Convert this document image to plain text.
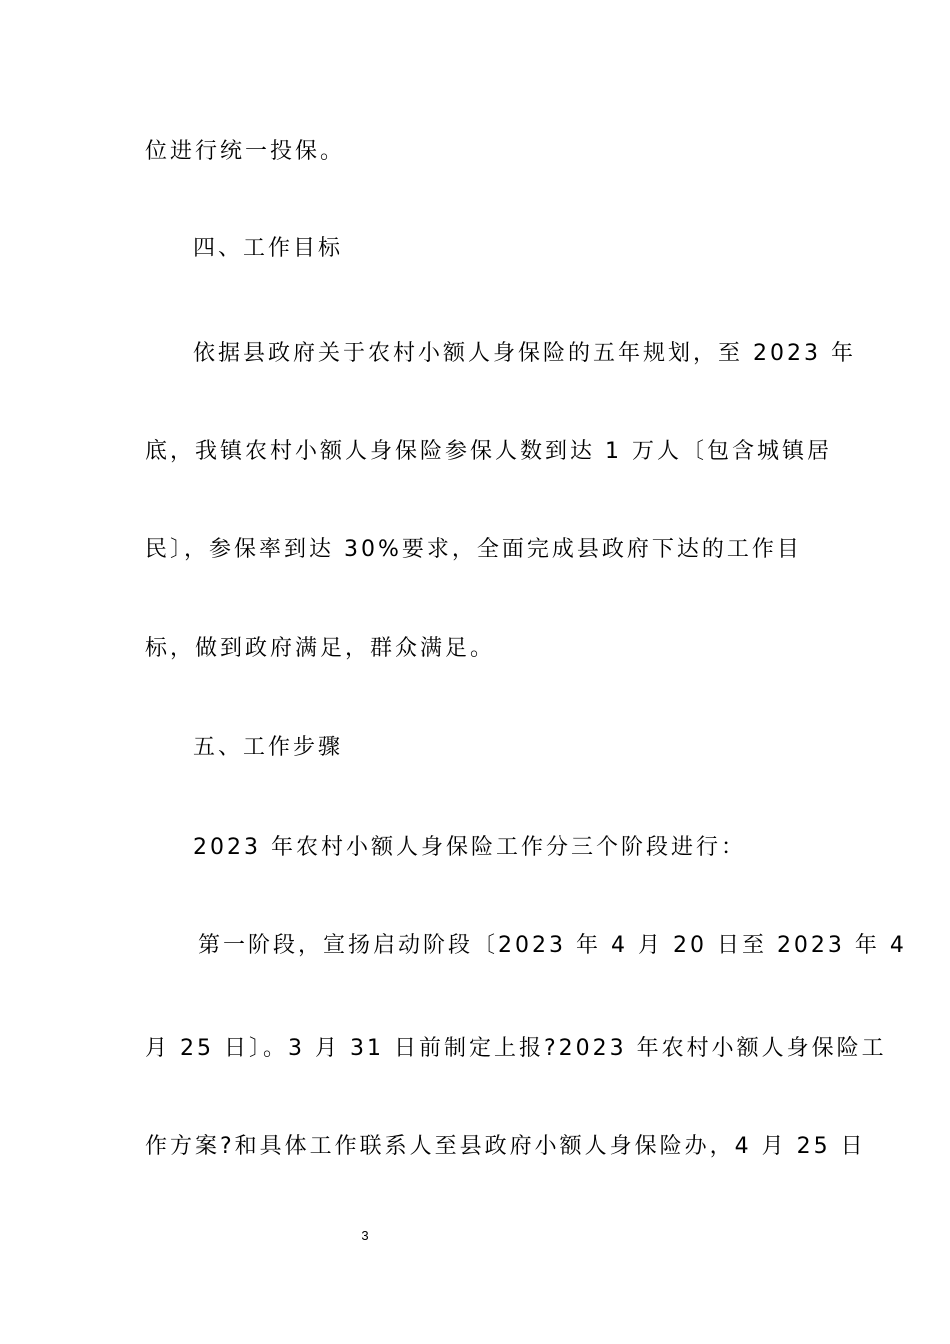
位进行统一投保。
四、工作目标
依据县政府关于农村小额人身保险的五年规划，至 2023 年
底，我镇农村小额人身保险参保人数到达 1 万人〔包含城镇居
民〕，参保率到达 30%要求，全面完成县政府下达的工作目
标，做到政府满足，群众满足。
五、工作步骤
2023 年农村小额人身保险工作分三个阶段进行：
第一阶段，宣扬启动阶段〔2023 年 4 月 20 日至 2023 年 4
月 25 日〕。3 月 31 日前制定上报?2023 年农村小额人身保险工
作方案?和具体工作联系人至县政府小额人身保险办，4 月 25 日
3
